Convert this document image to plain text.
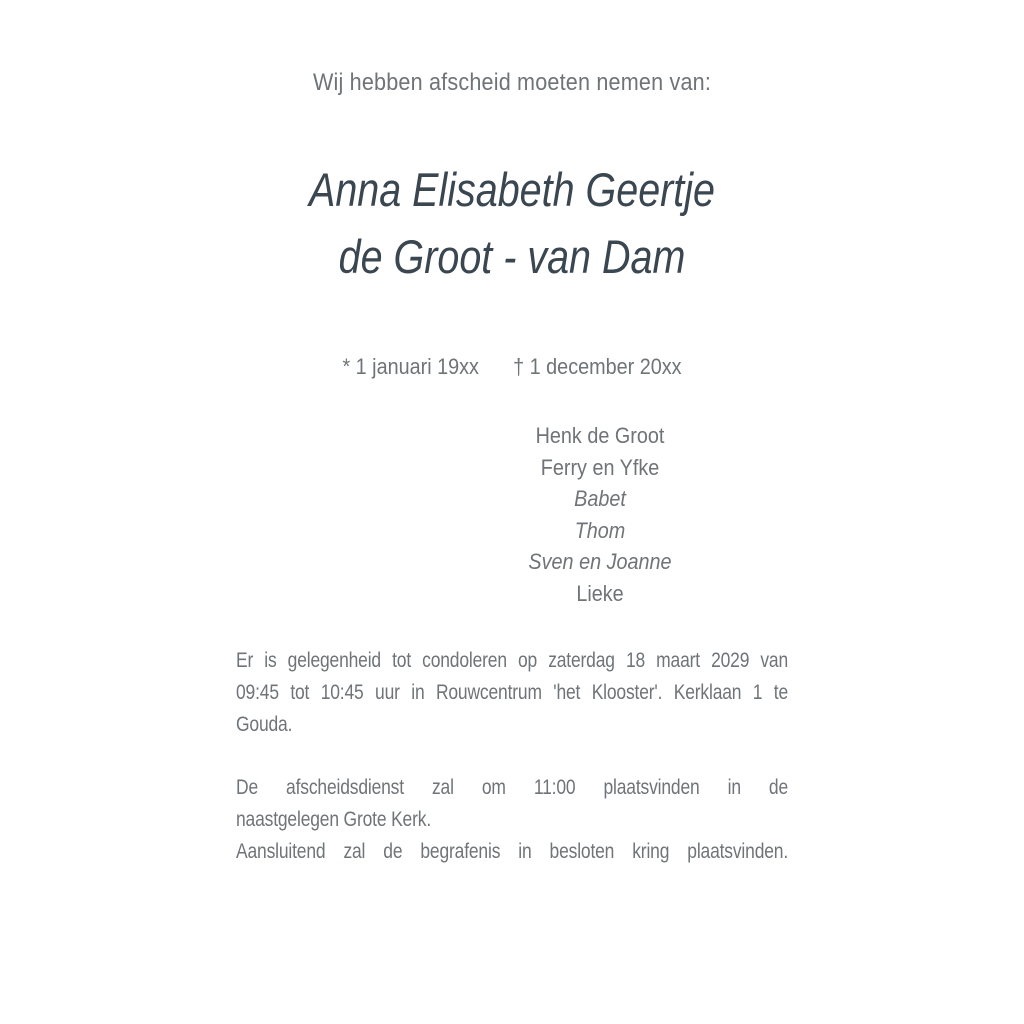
Wij hebben afscheid moeten nemen van:
Anna Elisabeth Geertje
de Groot - van Dam
* 1 januari 19xx † 1 december 20xx
Henk de Groot
Ferry en Yfke
Babet
Thom
Sven en Joanne
Lieke
Er is gelegenheid tot condoleren op zaterdag 18 maart 2029 van
09:45 tot 10:45 uur in Rouwcentrum 'het Klooster'. Kerklaan 1 te
Gouda.
De afscheidsdienst zal om 11:00 plaatsvinden in de
naastgelegen Grote Kerk.
Aansluitend zal de begrafenis in besloten kring plaatsvinden.
